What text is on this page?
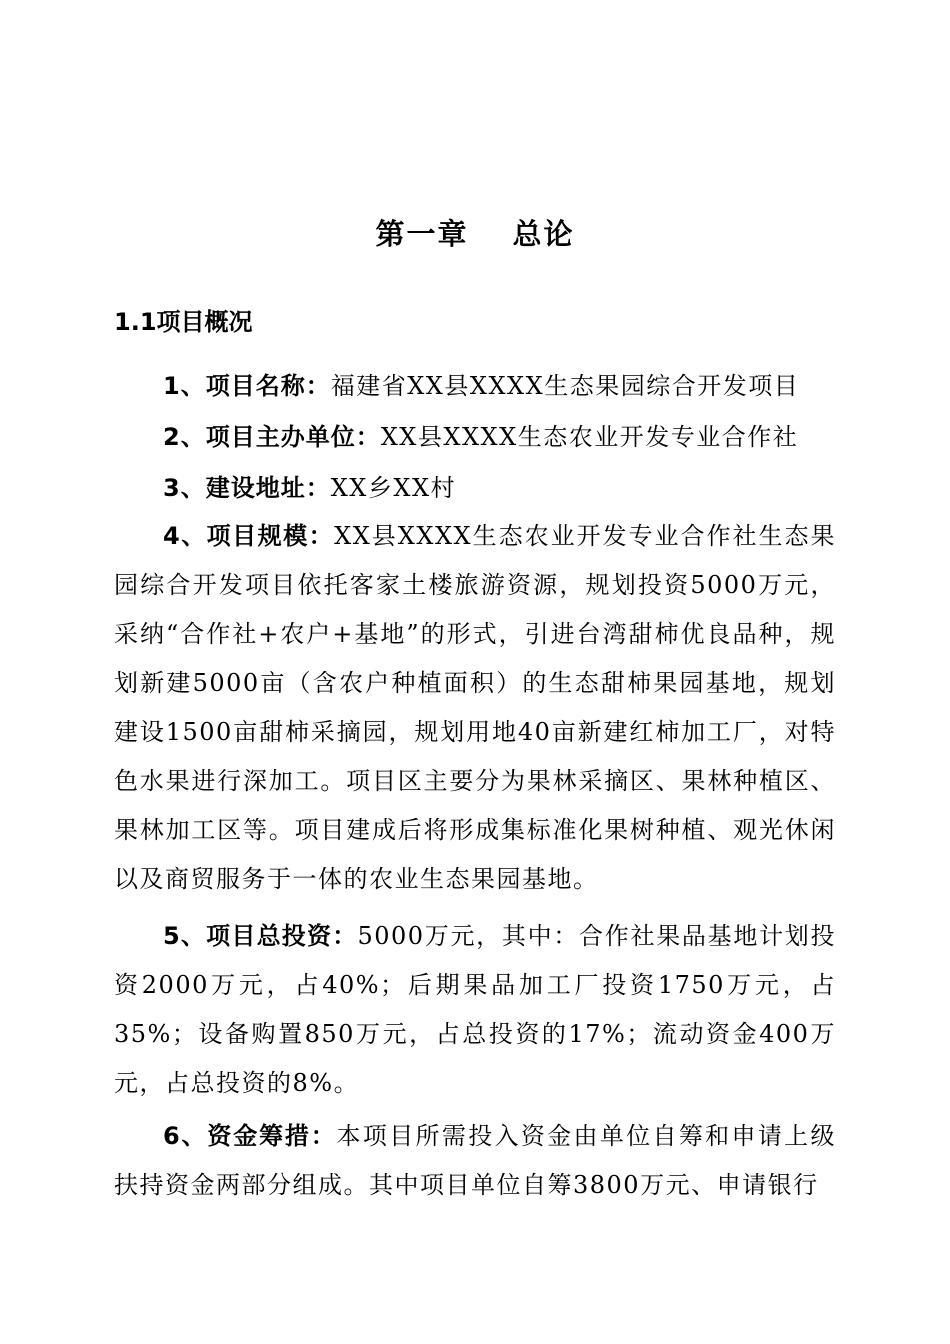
第一章 总论
1.1项目概况

1、项目名称：福建省XX县XXXX生态果园综合开发项目

2、项目主办单位：XX县XXXX生态农业开发专业合作社

3、建设地址：XX乡XX村

4、项目规模：XX县XXXX生态农业开发专业合作社生态果园综合开发项目依托客家土楼旅游资源，规划投资5000万元，采纳“合作社+农户+基地”的形式，引进台湾甜柿优良品种，规划新建5000亩（含农户种植面积）的生态甜柿果园基地，规划建设1500亩甜柿采摘园，规划用地40亩新建红柿加工厂，对特色水果进行深加工。项目区主要分为果林采摘区、果林种植区、果林加工区等。项目建成后将形成集标准化果树种植、观光休闲以及商贸服务于一体的农业生态果园基地。

5、项目总投资：5000万元，其中：合作社果品基地计划投资2000万元，占40%；后期果品加工厂投资1750万元，占35%；设备购置850万元，占总投资的17%；流动资金400万元，占总投资的8%。

6、资金筹措：本项目所需投入资金由单位自筹和申请上级扶持资金两部分组成。其中项目单位自筹3800万元、申请银行
